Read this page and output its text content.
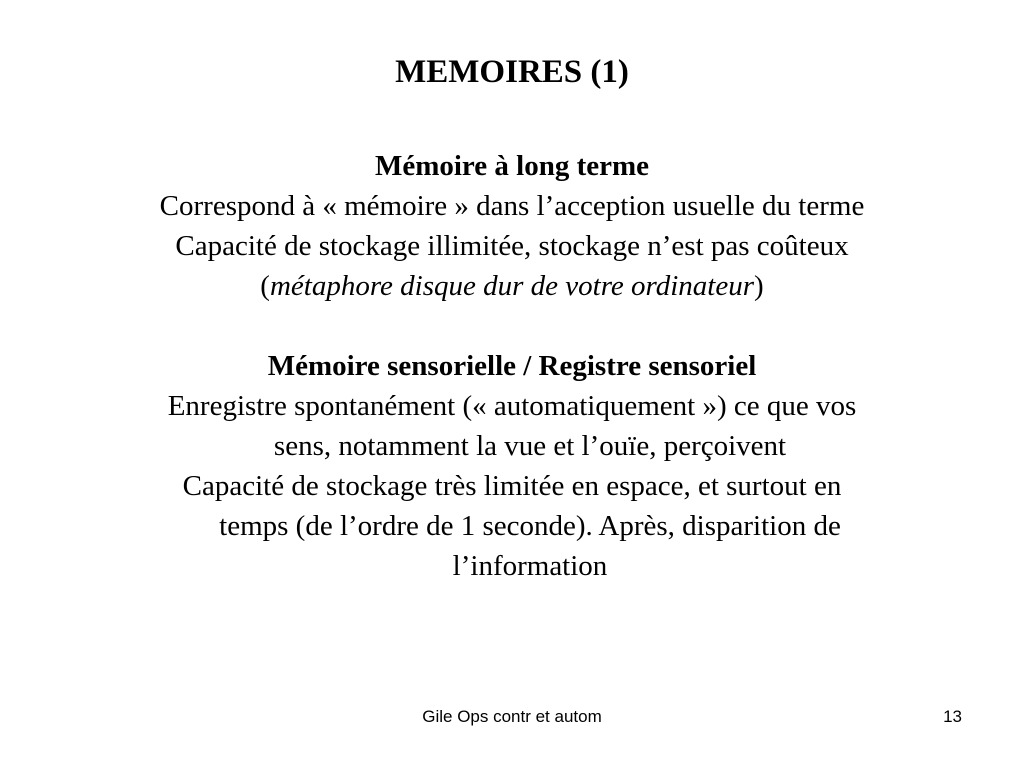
MEMOIRES (1)
Mémoire à long terme
Correspond à « mémoire » dans l’acception usuelle du terme
Capacité de stockage illimitée, stockage n’est pas coûteux
(métaphore disque dur de votre ordinateur)
Mémoire sensorielle / Registre sensoriel
Enregistre spontanément (« automatiquement ») ce que vos
sens, notamment la vue et l’ouïe, perçoivent
Capacité de stockage très limitée en espace, et surtout en
temps (de l’ordre de 1 seconde). Après, disparition de
l’information
Gile Ops contr et autom	13
